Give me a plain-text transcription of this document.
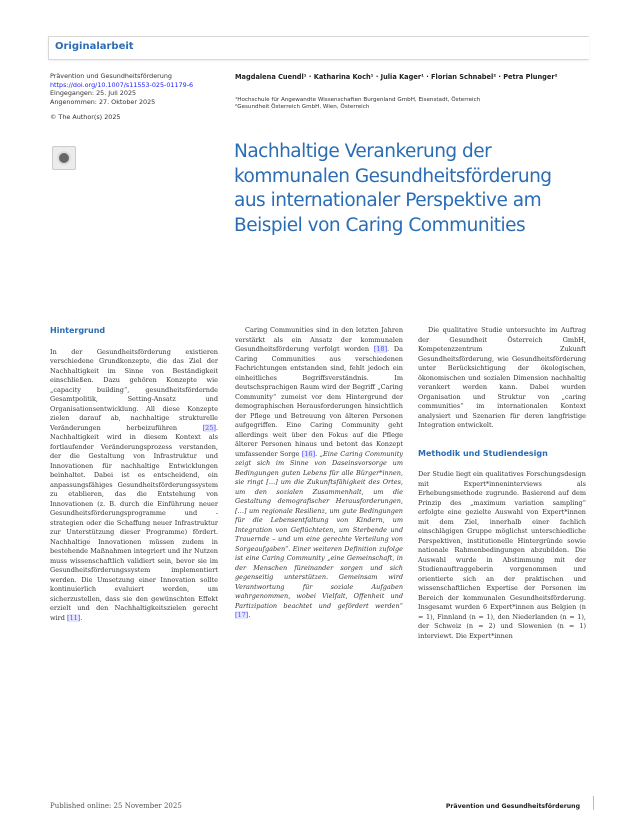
Originalarbeit
Prävention und Gesundheitsförderung
https://doi.org/10.1007/s11553-025-01179-6
Eingegangen: 25. Juli 2025
Angenommen: 27. Oktober 2025
© The Author(s) 2025
Magdalena Cuendl¹ · Katharina Koch¹ · Julia Kager¹ · Florian Schnabel² · Petra Plunger²
¹Hochschule für Angewandte Wissenschaften Burgenland GmbH, Eisenstadt, Österreich
²Gesundheit Österreich GmbH, Wien, Österreich
Nachhaltige Verankerung der kommunalen Gesundheitsförderung aus internationaler Perspektive am Beispiel von Caring Communities
Hintergrund

In der Gesundheitsförderung existieren verschiedene Grundkonzepte, die das Ziel der Nachhaltigkeit im Sinne von Beständigkeit einschließen. Dazu gehören Konzepte wie „capacity building“, gesundheitsfördernde Gesamtpolitik, Setting-Ansatz und Organisationsentwicklung. All diese Konzepte zielen darauf ab, nachhaltige strukturelle Veränderungen herbeizuführen [25]. Nachhaltigkeit wird in diesem Kontext als fortlaufender Veränderungsprozess verstanden, der die Gestaltung von Infrastruktur und Innovationen für nachhaltige Entwicklungen beinhaltet. Dabei ist es entscheidend, ein anpassungsfähiges Gesundheitsförderungssystem zu etablieren, das die Entstehung von Innovationen (z. B. durch die Einführung neuer Gesundheitsförderungsprogramme und -strategien oder die Schaffung neuer Infrastruktur zur Unterstützung dieser Programme) fördert. Nachhaltige Innovationen müssen zudem in bestehende Maßnahmen integriert und ihr Nutzen muss wissenschaftlich validiert sein, bevor sie im Gesundheitsförderungssystem implementiert werden. Die Umsetzung einer Innovation sollte kontinuierlich evaluiert werden, um sicherzustellen, dass sie den gewünschten Effekt erzielt und den Nachhaltigkeitszielen gerecht wird [11].

Caring Communities sind in den letzten Jahren verstärkt als ein Ansatz der kommunalen Gesundheitsförderung verfolgt worden [18]. Da Caring Communities aus verschiedenen Fachrichtungen entstanden sind, fehlt jedoch ein einheitliches Begriffsverständnis. Im deutschsprachigen Raum wird der Begriff „Caring Community“ zumeist vor dem Hintergrund der demographischen Herausforderungen hinsichtlich der Pflege und Betreuung von älteren Personen aufgegriffen. Eine Caring Community geht allerdings weit über den Fokus auf die Pflege älterer Personen hinaus und betont das Konzept umfassender Sorge [16]. „Eine Caring Community zeigt sich im Sinne von Daseinsvorsorge um Bedingungen guten Lebens für alle Bürger*innen, sie ringt […] um die Zukunftsfähigkeit des Ortes, um den sozialen Zusammenhalt, um die Gestaltung demografischer Herausforderungen, […] um regionale Resilienz, um gute Bedingungen für die Lebensentfaltung von Kindern, um Integration von Geflüchteten, um Sterbende und Trauernde – und um eine gerechte Verteilung von Sorgeaufgaben“. Einer weiteren Definition zufolge ist eine Caring Community „eine Gemeinschaft, in der Menschen füreinander sorgen und sich gegenseitig unterstützen. Gemeinsam wird Verantwortung für soziale Aufgaben wahrgenommen, wobei Vielfalt, Offenheit und Partizipation beachtet und gefördert werden“ [17].

Die qualitative Studie untersuchte im Auftrag der Gesundheit Österreich GmbH, Kompetenzzentrum Zukunft Gesundheitsförderung, wie Gesundheitsförderung unter Berücksichtigung der ökologischen, ökonomischen und sozialen Dimension nachhaltig verankert werden kann. Dabei wurden Organisation und Struktur von „caring communities“ im internationalen Kontext analysiert und Szenarien für deren langfristige Integration entwickelt.

Methodik und Studiendesign

Der Studie liegt ein qualitatives Forschungsdesign mit Expert*inneninterviews als Erhebungsmethode zugrunde. Basierend auf dem Prinzip des „maximum variation sampling“ erfolgte eine gezielte Auswahl von Expert*innen mit dem Ziel, innerhalb einer fachlich einschlägigen Gruppe möglichst unterschiedliche Perspektiven, institutionelle Hintergründe sowie nationale Rahmenbedingungen abzubilden. Die Auswahl wurde in Abstimmung mit der Studienauftraggeberin vorgenommen und orientierte sich an der praktischen und wissenschaftlichen Expertise der Personen im Bereich der kommunalen Gesundheitsförderung. Insgesamt wurden 6 Expert*innen aus Belgien (n = 1), Finnland (n = 1), den Niederlanden (n = 1), der Schweiz (n = 2) und Slowenien (n = 1) interviewt. Die Expert*innen

Published online: 25 November 2025	Prävention und Gesundheitsförderung
